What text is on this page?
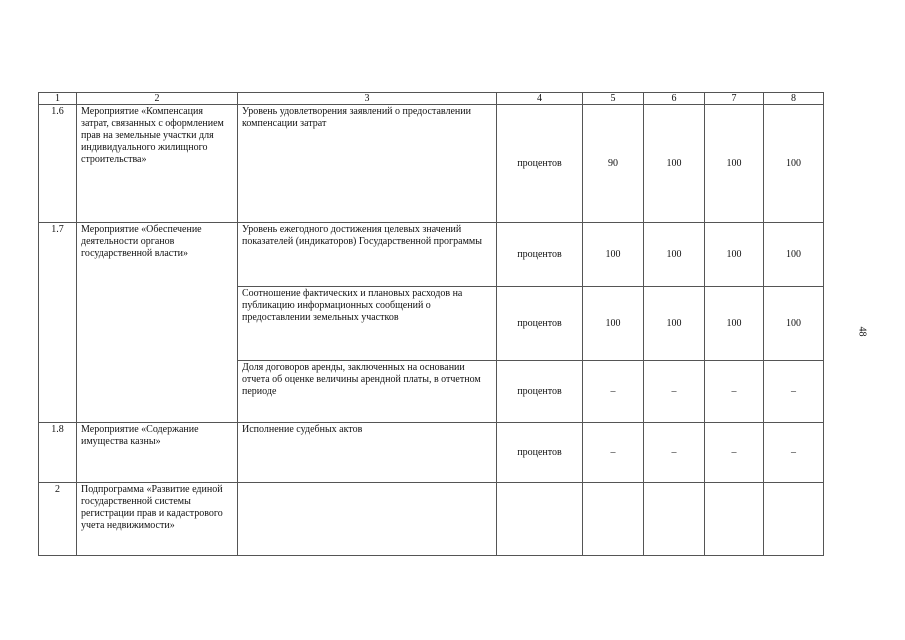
1	2	3	4	5	6	7	8
1.6	Мероприятие «Компенсация затрат, связанных с оформлением прав на земельные участки для индивидуального жилищного строительства»	Уровень удовлетворения заявлений о предоставлении компенсации затрат	процентов	90	100	100	100
1.7	Мероприятие «Обеспечение деятельности органов государственной власти»	Уровень ежегодного достижения целевых значений показателей (индикаторов) Государственной программы	процентов	100	100	100	100
		Соотношение фактических и плановых расходов на публикацию информационных сообщений о предоставлении земельных участков	процентов	100	100	100	100
		Доля договоров аренды, заключенных на основании отчета об оценке величины арендной платы, в отчетном периоде	процентов	–	–	–	–
1.8	Мероприятие «Содержание имущества казны»	Исполнение судебных актов	процентов	–	–	–	–
2	Подпрограмма «Развитие единой государственной системы регистрации прав и кадастрового учета недвижимости»						
48
